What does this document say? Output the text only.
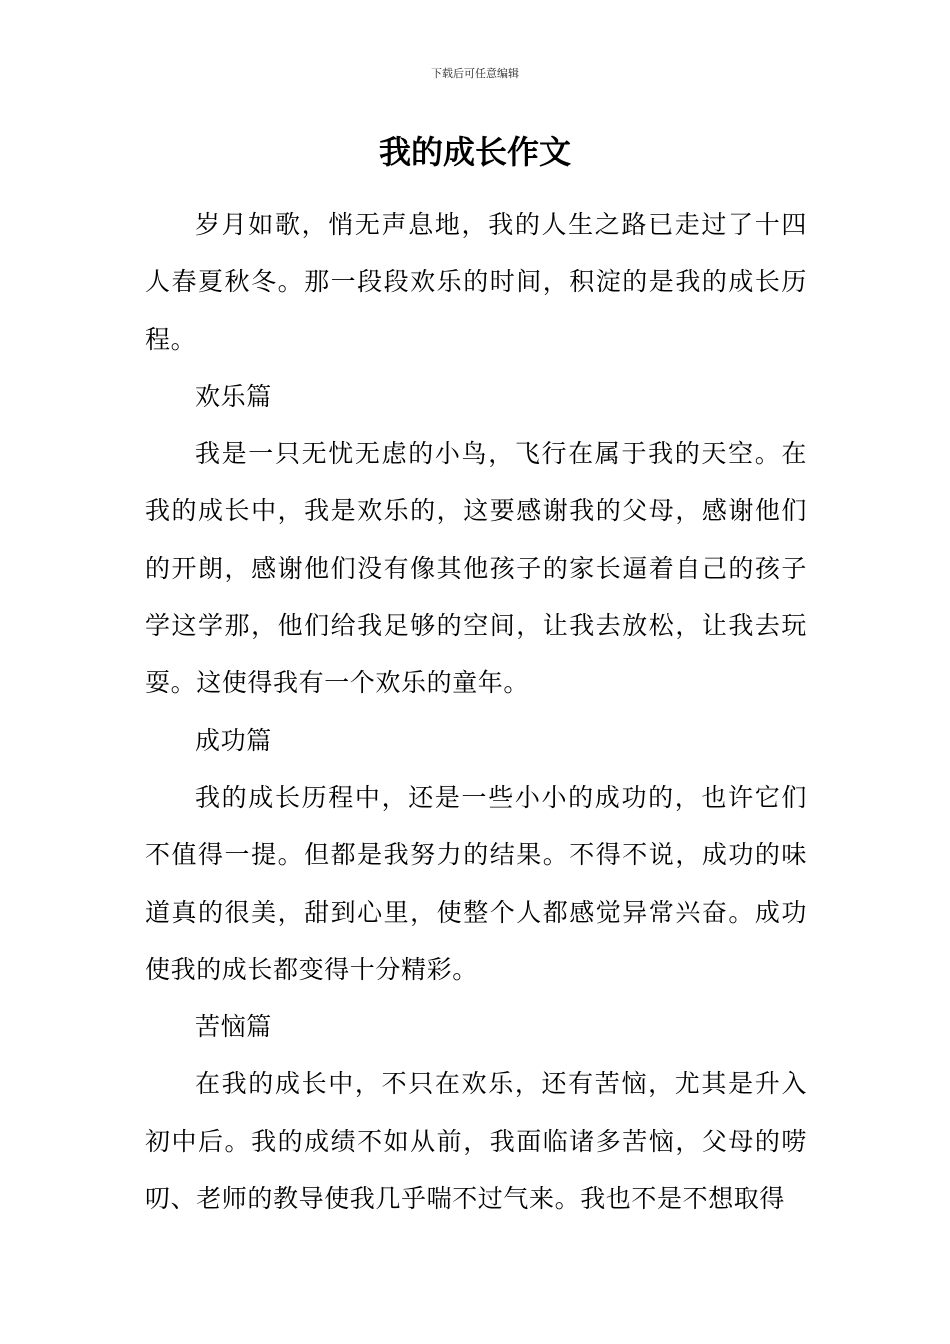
下载后可任意编辑
我的成长作文

岁月如歌，悄无声息地，我的人生之路已走过了十四人春夏秋冬。那一段段欢乐的时间，积淀的是我的成长历程。

欢乐篇

我是一只无忧无虑的小鸟，飞行在属于我的天空。在我的成长中，我是欢乐的，这要感谢我的父母，感谢他们的开朗，感谢他们没有像其他孩子的家长逼着自己的孩子学这学那，他们给我足够的空间，让我去放松，让我去玩耍。这使得我有一个欢乐的童年。

成功篇

我的成长历程中，还是一些小小的成功的，也许它们不值得一提。但都是我努力的结果。不得不说，成功的味道真的很美，甜到心里，使整个人都感觉异常兴奋。成功使我的成长都变得十分精彩。

苦恼篇

在我的成长中，不只在欢乐，还有苦恼，尤其是升入初中后。我的成绩不如从前，我面临诸多苦恼，父母的唠叨、老师的教导使我几乎喘不过气来。我也不是不想取得
